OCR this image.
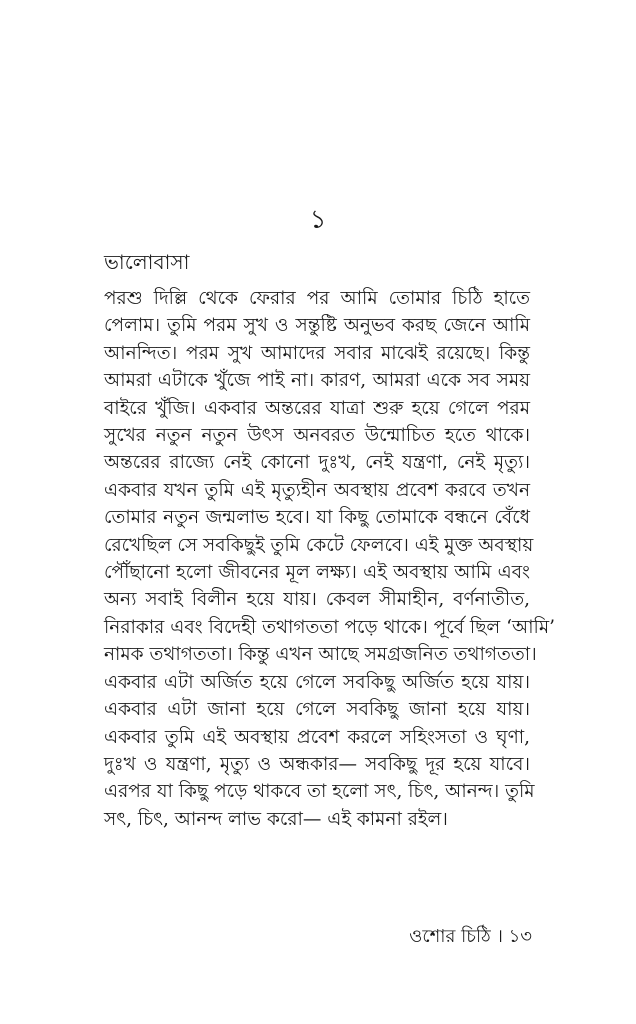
১
ভালোবাসা
পরশু দিল্লি থেকে ফেরার পর আমি তোমার চিঠি হাতে
পেলাম। তুমি পরম সুখ ও সন্তুষ্টি অনুভব করছ জেনে আমি
আনন্দিত। পরম সুখ আমাদের সবার মাঝেই রয়েছে। কিন্তু
আমরা এটাকে খুঁজে পাই না। কারণ, আমরা একে সব সময়
বাইরে খুঁজি। একবার অন্তরের যাত্রা শুরু হয়ে গেলে পরম
সুখের নতুন নতুন উৎস অনবরত উন্মোচিত হতে থাকে।
অন্তরের রাজ্যে নেই কোনো দুঃখ, নেই যন্ত্রণা, নেই মৃত্যু।
একবার যখন তুমি এই মৃত্যুহীন অবস্থায় প্রবেশ করবে তখন
তোমার নতুন জন্মলাভ হবে। যা কিছু তোমাকে বন্ধনে বেঁধে
রেখেছিল সে সবকিছুই তুমি কেটে ফেলবে। এই মুক্ত অবস্থায়
পৌঁছানো হলো জীবনের মূল লক্ষ্য। এই অবস্থায় আমি এবং
অন্য সবাই বিলীন হয়ে যায়। কেবল সীমাহীন, বর্ণনাতীত,
নিরাকার এবং বিদেহী তথাগততা পড়ে থাকে। পূর্বে ছিল ‘আমি’
নামক তথাগততা। কিন্তু এখন আছে সমগ্রজনিত তথাগততা।
একবার এটা অর্জিত হয়ে গেলে সবকিছু অর্জিত হয়ে যায়।
একবার এটা জানা হয়ে গেলে সবকিছু জানা হয়ে যায়।
একবার তুমি এই অবস্থায় প্রবেশ করলে সহিংসতা ও ঘৃণা,
দুঃখ ও যন্ত্রণা, মৃত্যু ও অন্ধকার— সবকিছু দূর হয়ে যাবে।
এরপর যা কিছু পড়ে থাকবে তা হলো সৎ, চিৎ, আনন্দ। তুমি
সৎ, চিৎ, আনন্দ লাভ করো— এই কামনা রইল।
ওশোর চিঠি । ১৩
